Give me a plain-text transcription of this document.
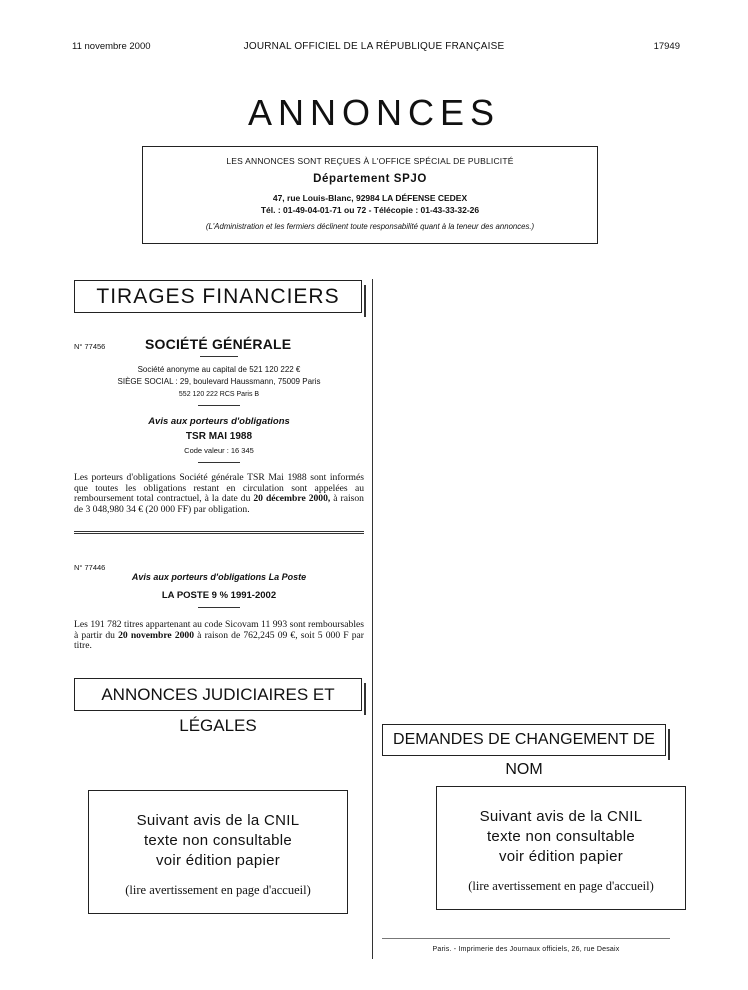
11 novembre 2000	JOURNAL OFFICIEL DE LA RÉPUBLIQUE FRANÇAISE	17949
ANNONCES
LES ANNONCES SONT REÇUES À L'OFFICE SPÉCIAL DE PUBLICITÉ
Département SPJO
47, rue Louis-Blanc, 92984 LA DÉFENSE CEDEX
Tél. : 01-49-04-01-71 ou 72 - Télécopie : 01-43-33-32-26
(L'Administration et les fermiers déclinent toute responsabilité quant à la teneur des annonces.)
TIRAGES FINANCIERS
N° 77456	SOCIÉTÉ GÉNÉRALE
Société anonyme au capital de 521 120 222 €
SIÈGE SOCIAL : 29, boulevard Haussmann, 75009 Paris
552 120 222 RCS Paris B
Avis aux porteurs d'obligations
TSR MAI 1988
Code valeur : 16 345
Les porteurs d'obligations Société générale TSR Mai 1988 sont informés que toutes les obligations restant en circulation sont appelées au remboursement total contractuel, à la date du 20 décembre 2000, à raison de 3 048,980 34 € (20 000 FF) par obligation.
N° 77446
Avis aux porteurs d'obligations La Poste
LA POSTE 9 % 1991-2002
Les 191 782 titres appartenant au code Sicovam 11 993 sont remboursables à partir du 20 novembre 2000 à raison de 762,245 09 €, soit 5 000 F par titre.
ANNONCES JUDICIAIRES ET LÉGALES
DEMANDES DE CHANGEMENT DE NOM
Suivant avis de la CNIL
texte non consultable
voir édition papier
(lire avertissement en page d'accueil)
Suivant avis de la CNIL
texte non consultable
voir édition papier
(lire avertissement en page d'accueil)
Paris. - Imprimerie des Journaux officiels, 26, rue Desaix
